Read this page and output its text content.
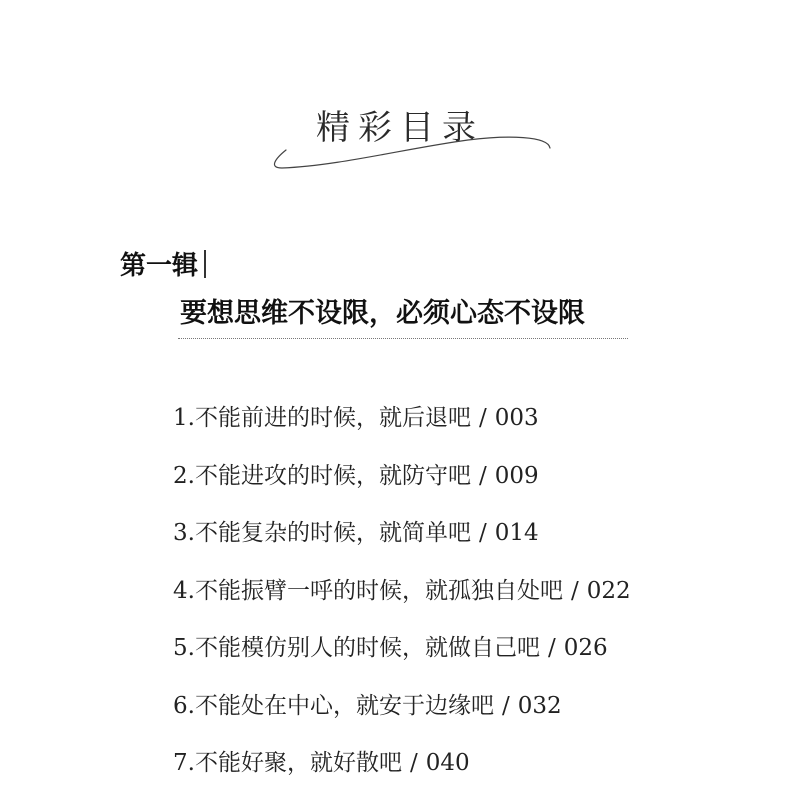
精彩目录
第一辑
要想思维不设限，必须心态不设限
1.不能前进的时候，就后退吧 / 003
2.不能进攻的时候，就防守吧 / 009
3.不能复杂的时候，就简单吧 / 014
4.不能振臂一呼的时候，就孤独自处吧 / 022
5.不能模仿别人的时候，就做自己吧 / 026
6.不能处在中心，就安于边缘吧 / 032
7.不能好聚，就好散吧 / 040
